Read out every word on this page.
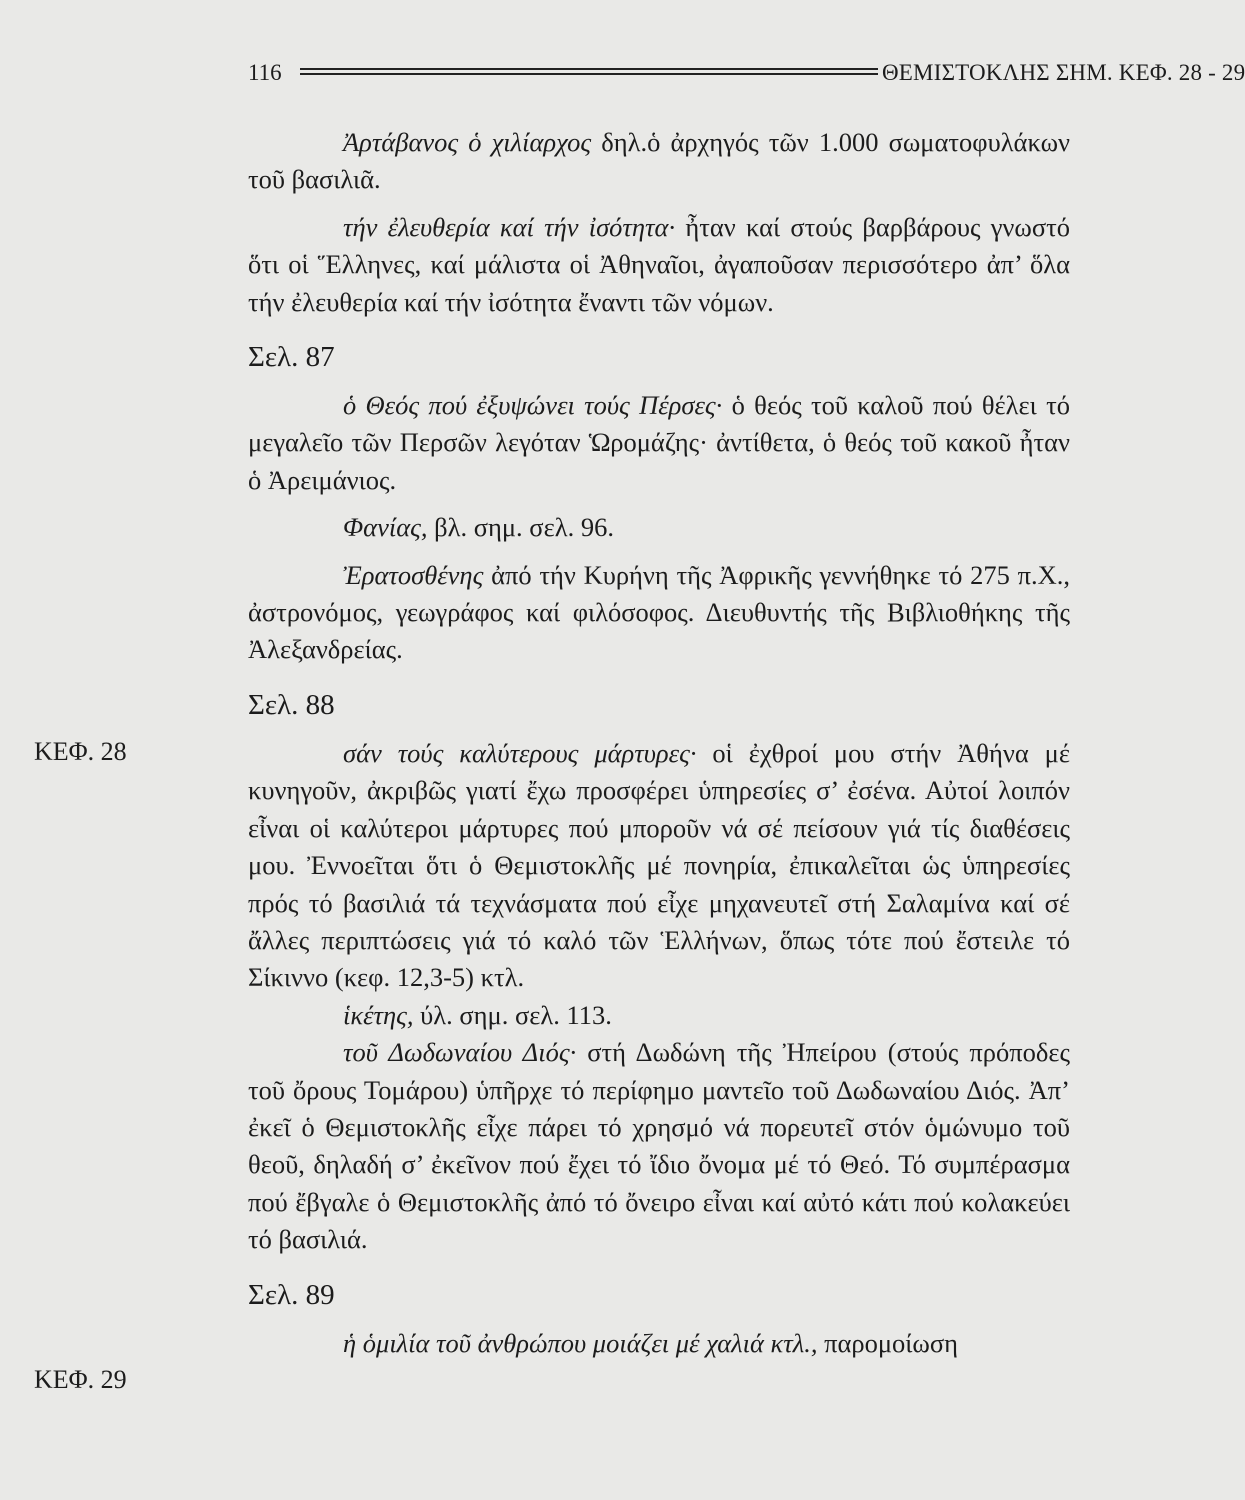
116	ΘΕΜΙΣΤΟΚΛΗΣ ΣΗΜ. ΚΕΦ. 28 - 29
ΚΕΦ. 28
ΚΕΦ. 29

Ἀρτάβανος ὁ χιλίαρχος δηλ.ὁ ἀρχηγός τῶν 1.000 σωματοφυλάκων τοῦ βασιλιᾶ.

τήν ἐλευθερία καί τήν ἰσότητα· ἦταν καί στούς βαρβάρους γνωστό ὅτι οἱ Ἕλληνες, καί μάλιστα οἱ Ἀθηναῖοι, ἀγαποῦσαν περισσότερο ἀπ’ ὅλα τήν ἐλευθερία καί τήν ἰσότητα ἔναντι τῶν νόμων.

Σελ. 87

ὁ Θεός πού ἐξυψώνει τούς Πέρσες· ὁ θεός τοῦ καλοῦ πού θέλει τό μεγαλεῖο τῶν Περσῶν λεγόταν Ὡρομάζης· ἀντίθετα, ὁ θεός τοῦ κακοῦ ἦταν ὁ Ἀρειμάνιος.

Φανίας, βλ. σημ. σελ. 96.

Ἐρατοσθένης ἀπό τήν Κυρήνη τῆς Ἀφρικῆς γεννήθηκε τό 275 π.Χ., ἀστρονόμος, γεωγράφος καί φιλόσοφος. Διευθυντής τῆς Βιβλιοθήκης τῆς Ἀλεξανδρείας.

Σελ. 88

σάν τούς καλύτερους μάρτυρες· οἱ ἐχθροί μου στήν Ἀθήνα μέ κυνηγοῦν, ἀκριβῶς γιατί ἔχω προσφέρει ὑπηρεσίες σ’ ἐσένα. Αὐτοί λοιπόν εἶναι οἱ καλύτεροι μάρτυρες πού μποροῦν νά σέ πείσουν γιά τίς διαθέσεις μου. Ἐννοεῖται ὅτι ὁ Θεμιστοκλῆς μέ πονηρία, ἐπικαλεῖται ὡς ὑπηρεσίες πρός τό βασιλιά τά τεχνάσματα πού εἶχε μηχανευτεῖ στή Σαλαμίνα καί σέ ἄλλες περιπτώσεις γιά τό καλό τῶν Ἑλλήνων, ὅπως τότε πού ἔστειλε τό Σίκιννο (κεφ. 12,3-5) κτλ.

ἱκέτης, ύλ. σημ. σελ. 113.

τοῦ Δωδωναίου Διός· στή Δωδώνη τῆς Ἠπείρου (στούς πρόποδες τοῦ ὄρους Τομάρου) ὑπῆρχε τό περίφημο μαντεῖο τοῦ Δωδωναίου Διός. Ἀπ’ ἐκεῖ ὁ Θεμιστοκλῆς εἶχε πάρει τό χρησμό νά πορευτεῖ στόν ὁμώνυμο τοῦ θεοῦ, δηλαδή σ’ ἐκεῖνον πού ἔχει τό ἴδιο ὄνομα μέ τό Θεό. Τό συμπέρασμα πού ἔβγαλε ὁ Θεμιστοκλῆς ἀπό τό ὄνειρο εἶναι καί αὐτό κάτι πού κολακεύει τό βασιλιά.

Σελ. 89

ἡ ὁμιλία τοῦ ἀνθρώπου μοιάζει μέ χαλιά κτλ., παρομοίωση
